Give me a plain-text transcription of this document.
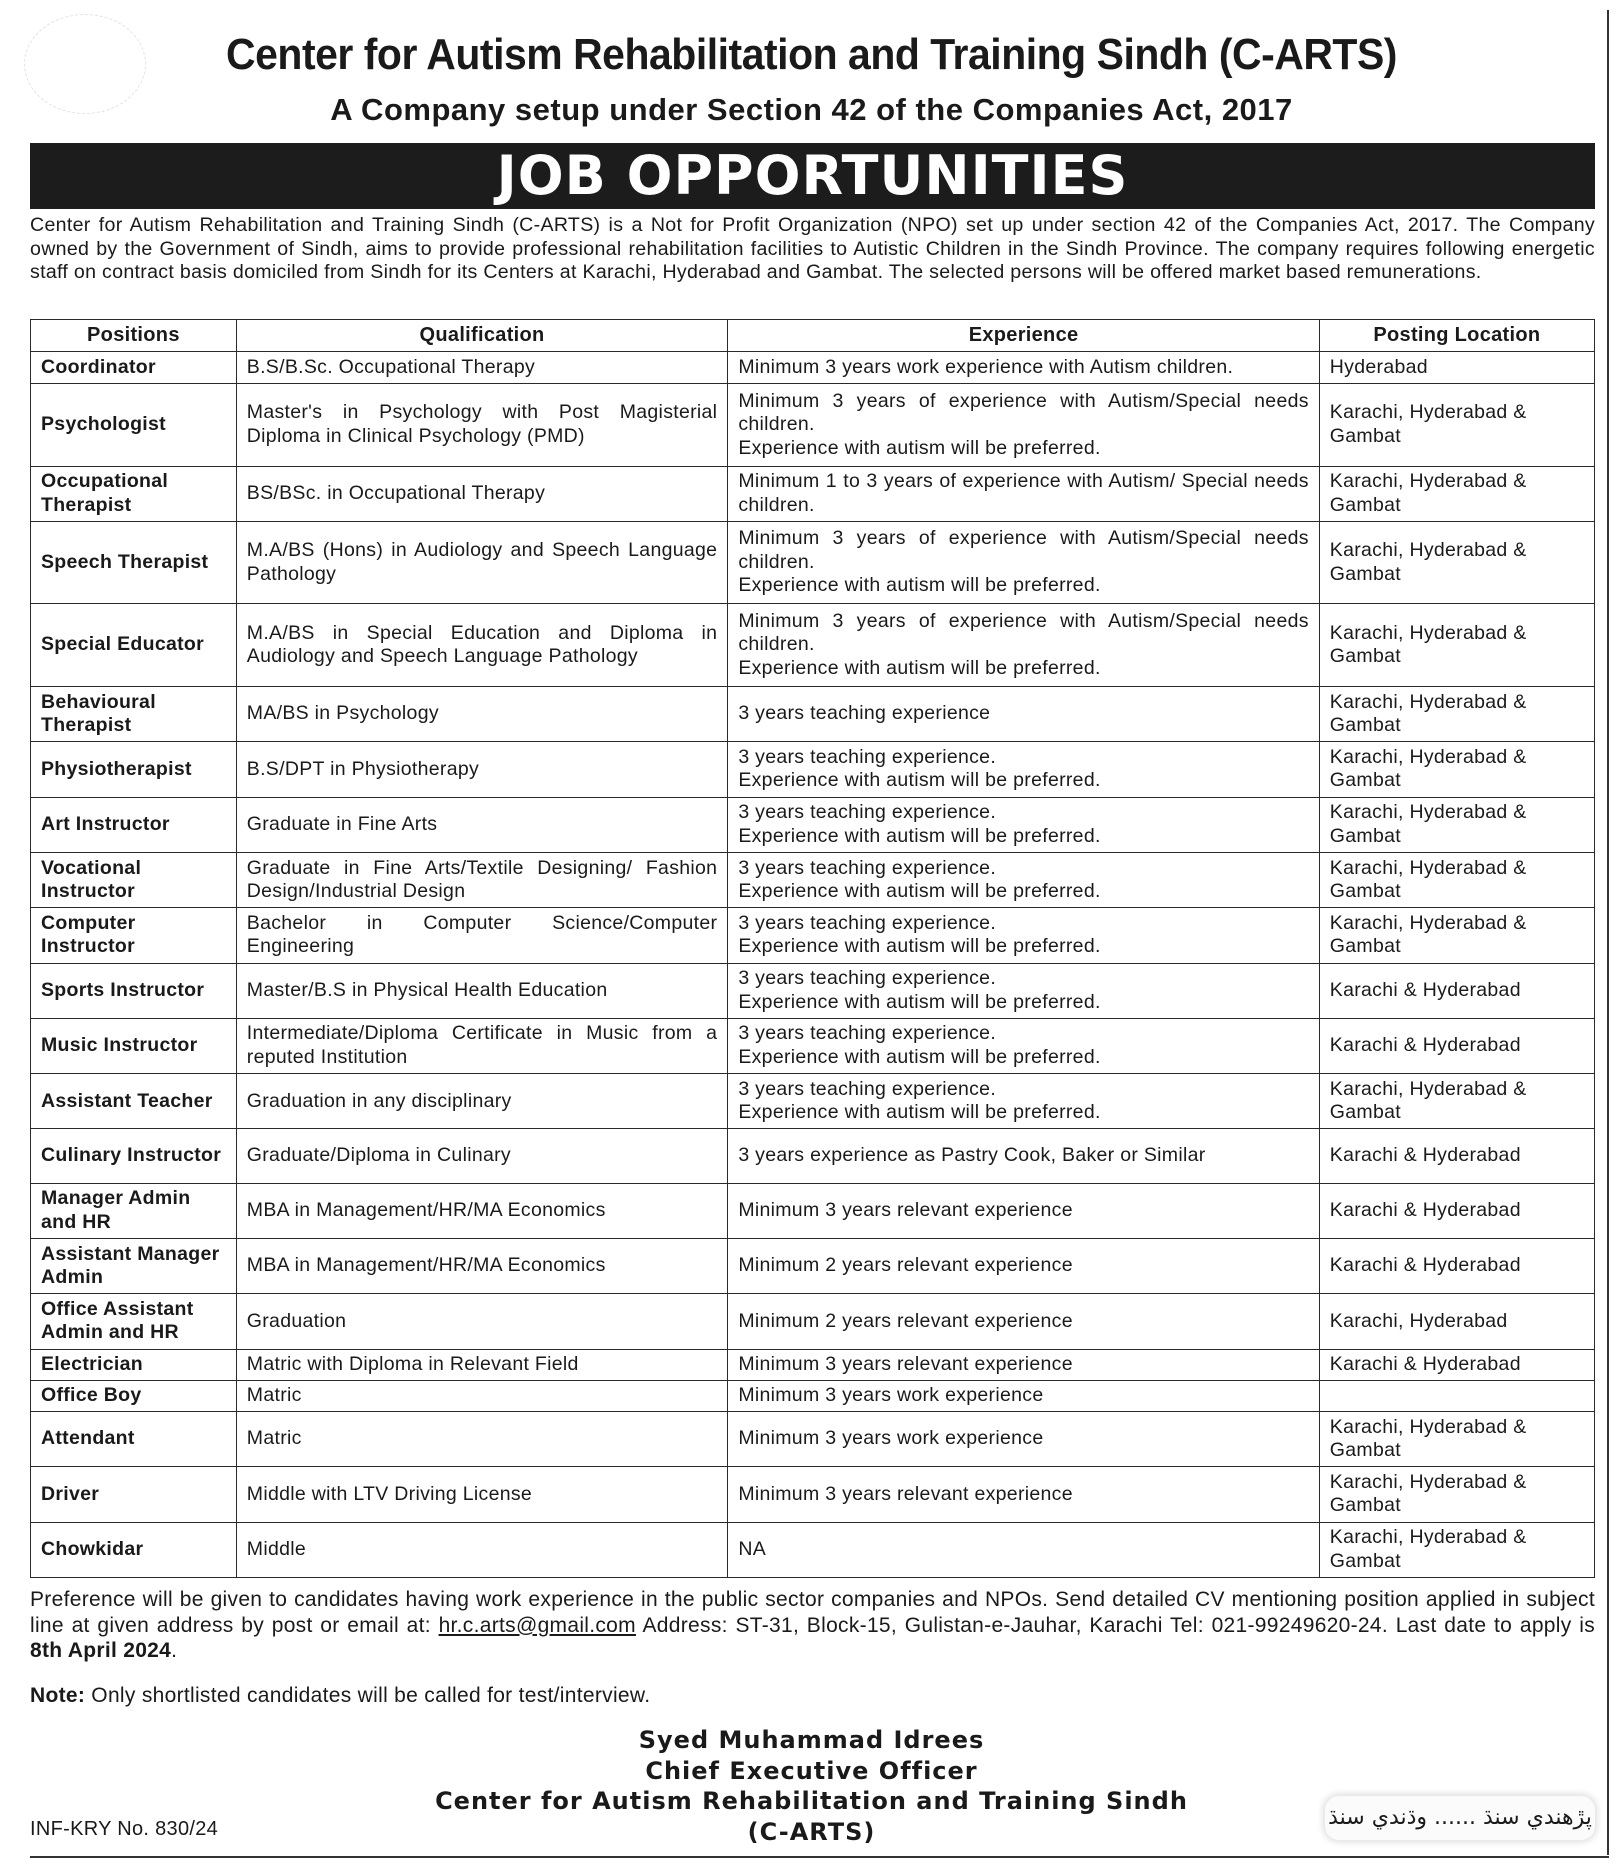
Center for Autism Rehabilitation and Training Sindh (C-ARTS)
A Company setup under Section 42 of the Companies Act, 2017
JOB OPPORTUNITIES
Center for Autism Rehabilitation and Training Sindh (C-ARTS) is a Not for Profit Organization (NPO) set up under section 42 of the Companies Act, 2017. The Company owned by the Government of Sindh, aims to provide professional rehabilitation facilities to Autistic Children in the Sindh Province. The company requires following energetic staff on contract basis domiciled from Sindh for its Centers at Karachi, Hyderabad and Gambat. The selected persons will be offered market based remunerations.
Positions	Qualification	Experience	Posting Location
Coordinator	B.S/B.Sc. Occupational Therapy	Minimum 3 years work experience with Autism children.	Hyderabad
Psychologist	Master's in Psychology with Post Magisterial Diploma in Clinical Psychology (PMD)	Minimum 3 years of experience with Autism/Special needs children.
Experience with autism will be preferred.	Karachi, Hyderabad & Gambat
Occupational Therapist	BS/BSc. in Occupational Therapy	Minimum 1 to 3 years of experience with Autism/ Special needs children.	Karachi, Hyderabad & Gambat
Speech Therapist	M.A/BS (Hons) in Audiology and Speech Language Pathology	Minimum 3 years of experience with Autism/Special needs children.
Experience with autism will be preferred.	Karachi, Hyderabad & Gambat
Special Educator	M.A/BS in Special Education and Diploma in Audiology and Speech Language Pathology	Minimum 3 years of experience with Autism/Special needs children.
Experience with autism will be preferred.	Karachi, Hyderabad & Gambat
Behavioural Therapist	MA/BS in Psychology	3 years teaching experience	Karachi, Hyderabad & Gambat
Physiotherapist	B.S/DPT in Physiotherapy	3 years teaching experience.
Experience with autism will be preferred.	Karachi, Hyderabad & Gambat
Art Instructor	Graduate in Fine Arts	3 years teaching experience.
Experience with autism will be preferred.	Karachi, Hyderabad & Gambat
Vocational Instructor	Graduate in Fine Arts/Textile Designing/ Fashion Design/Industrial Design	3 years teaching experience.
Experience with autism will be preferred.	Karachi, Hyderabad & Gambat
Computer Instructor	Bachelor in Computer Science/Computer Engineering	3 years teaching experience.
Experience with autism will be preferred.	Karachi, Hyderabad & Gambat
Sports Instructor	Master/B.S in Physical Health Education	3 years teaching experience.
Experience with autism will be preferred.	Karachi & Hyderabad
Music Instructor	Intermediate/Diploma Certificate in Music from a reputed Institution	3 years teaching experience.
Experience with autism will be preferred.	Karachi & Hyderabad
Assistant Teacher	Graduation in any disciplinary	3 years teaching experience.
Experience with autism will be preferred.	Karachi, Hyderabad & Gambat
Culinary Instructor	Graduate/Diploma in Culinary	3 years experience as Pastry Cook, Baker or Similar	Karachi & Hyderabad
Manager Admin and HR	MBA in Management/HR/MA Economics	Minimum 3 years relevant experience	Karachi & Hyderabad
Assistant Manager Admin	MBA in Management/HR/MA Economics	Minimum 2 years relevant experience	Karachi & Hyderabad
Office Assistant Admin and HR	Graduation	Minimum 2 years relevant experience	Karachi, Hyderabad
Electrician	Matric with Diploma in Relevant Field	Minimum 3 years relevant experience	Karachi & Hyderabad
Office Boy	Matric	Minimum 3 years work experience	
Attendant	Matric	Minimum 3 years work experience	Karachi, Hyderabad & Gambat
Driver	Middle with LTV Driving License	Minimum 3 years relevant experience	Karachi, Hyderabad & Gambat
Chowkidar	Middle	NA	Karachi, Hyderabad & Gambat
Preference will be given to candidates having work experience in the public sector companies and NPOs. Send detailed CV mentioning position applied in subject line at given address by post or email at: hr.c.arts@gmail.com Address: ST-31, Block-15, Gulistan-e-Jauhar, Karachi Tel: 021-99249620-24. Last date to apply is 8th April 2024.
Note: Only shortlisted candidates will be called for test/interview.
Syed Muhammad Idrees
Chief Executive Officer
Center for Autism Rehabilitation and Training Sindh
(C-ARTS)
INF-KRY No. 830/24	پڙهندي سنڌ ...... وڌندي سنڌ
